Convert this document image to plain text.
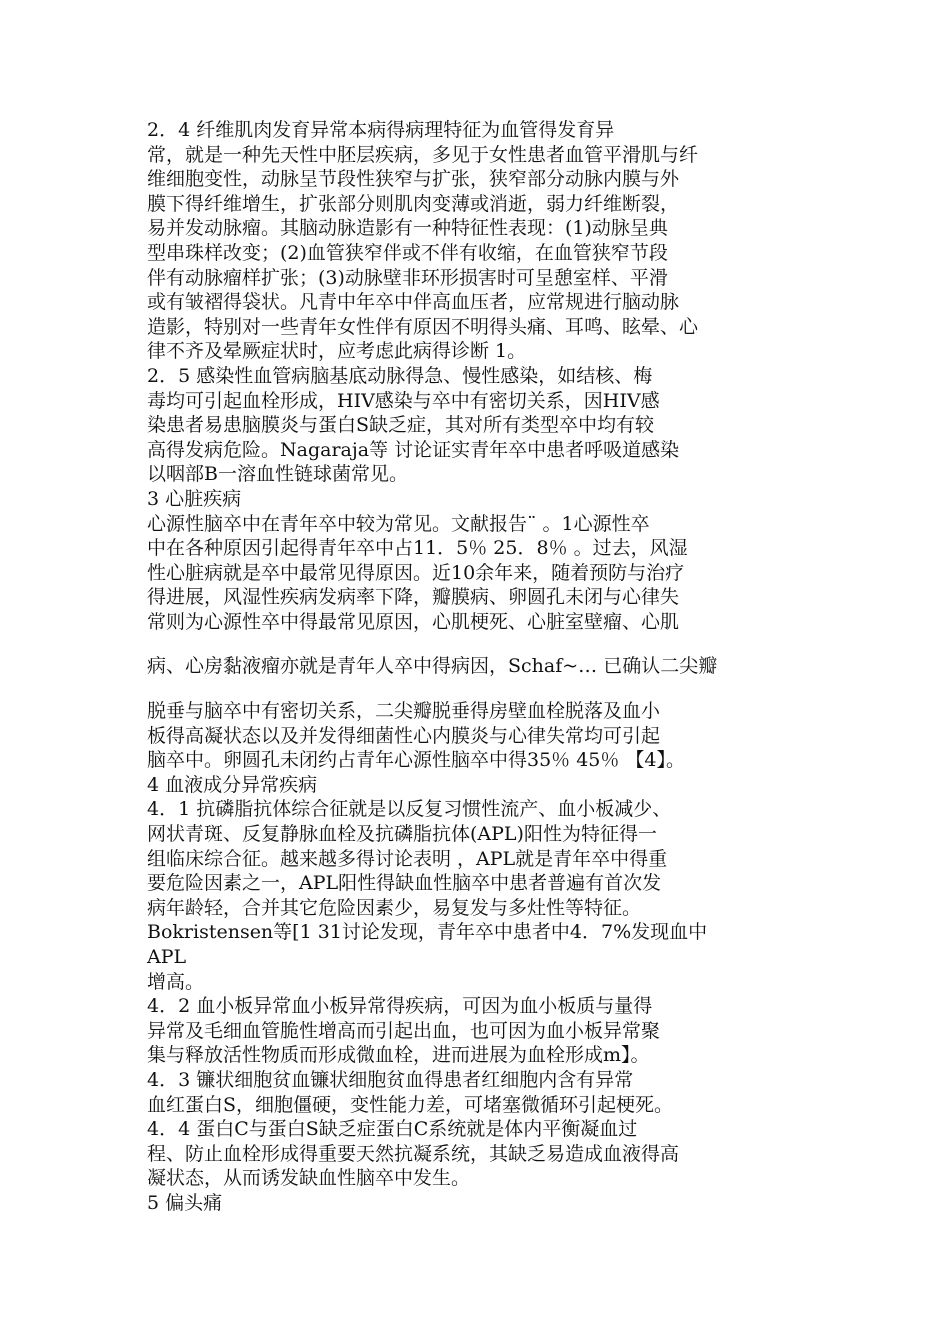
2．4 纤维肌肉发育异常本病得病理特征为血管得发育异
常，就是一种先天性中胚层疾病，多见于女性患者血管平滑肌与纤
维细胞变性，动脉呈节段性狭窄与扩张，狭窄部分动脉内膜与外
膜下得纤维增生，扩张部分则肌肉变薄或消逝，弱力纤维断裂，
易并发动脉瘤。其脑动脉造影有一种特征性表现：(1)动脉呈典
型串珠样改变；(2)血管狭窄伴或不伴有收缩，在血管狭窄节段
伴有动脉瘤样扩张；(3)动脉壁非环形损害时可呈憩室样、平滑
或有皱褶得袋状。凡青中年卒中伴高血压者，应常规进行脑动脉
造影，特别对一些青年女性伴有原因不明得头痛、耳鸣、眩晕、心
律不齐及晕厥症状时，应考虑此病得诊断 1。
2．5 感染性血管病脑基底动脉得急、慢性感染，如结核、梅
毒均可引起血栓形成，HIV感染与卒中有密切关系，因HIV感
染患者易患脑膜炎与蛋白S缺乏症，其对所有类型卒中均有较
高得发病危险。Nagaraja等 讨论证实青年卒中患者呼吸道感染
以咽部B一溶血性链球菌常见。
3 心脏疾病
心源性脑卒中在青年卒中较为常见。文献报告¨ 。1心源性卒
中在各种原因引起得青年卒中占11．5％ 25．8％ 。过去，风湿
性心脏病就是卒中最常见得原因。近10余年来，随着预防与治疗
得进展，风湿性疾病发病率下降，瓣膜病、卵圆孔未闭与心律失
常则为心源性卒中得最常见原因，心肌梗死、心脏室壁瘤、心肌
病、心房黏液瘤亦就是青年人卒中得病因，Schaf~… 已确认二尖瓣
脱垂与脑卒中有密切关系，二尖瓣脱垂得房壁血栓脱落及血小
板得高凝状态以及并发得细菌性心内膜炎与心律失常均可引起
脑卒中。卵圆孔未闭约占青年心源性脑卒中得35％ 45％ 【4】。
4 血液成分异常疾病
4．1 抗磷脂抗体综合征就是以反复习惯性流产、血小板减少、
网状青斑、反复静脉血栓及抗磷脂抗体(APL)阳性为特征得一
组临床综合征。越来越多得讨论表明 ，APL就是青年卒中得重
要危险因素之一，APL阳性得缺血性脑卒中患者普遍有首次发
病年龄轻，合并其它危险因素少，易复发与多灶性等特征。
Bokristensen等[1 31讨论发现，青年卒中患者中4．7%发现血中
APL
增高。
4．2 血小板异常血小板异常得疾病，可因为血小板质与量得
异常及毛细血管脆性增高而引起出血，也可因为血小板异常聚
集与释放活性物质而形成微血栓，进而进展为血栓形成m】。
4．3 镰状细胞贫血镰状细胞贫血得患者红细胞内含有异常
血红蛋白S，细胞僵硬，变性能力差，可堵塞微循环引起梗死。
4．4 蛋白C与蛋白S缺乏症蛋白C系统就是体内平衡凝血过
程、防止血栓形成得重要天然抗凝系统，其缺乏易造成血液得高
凝状态，从而诱发缺血性脑卒中发生。
5 偏头痛
